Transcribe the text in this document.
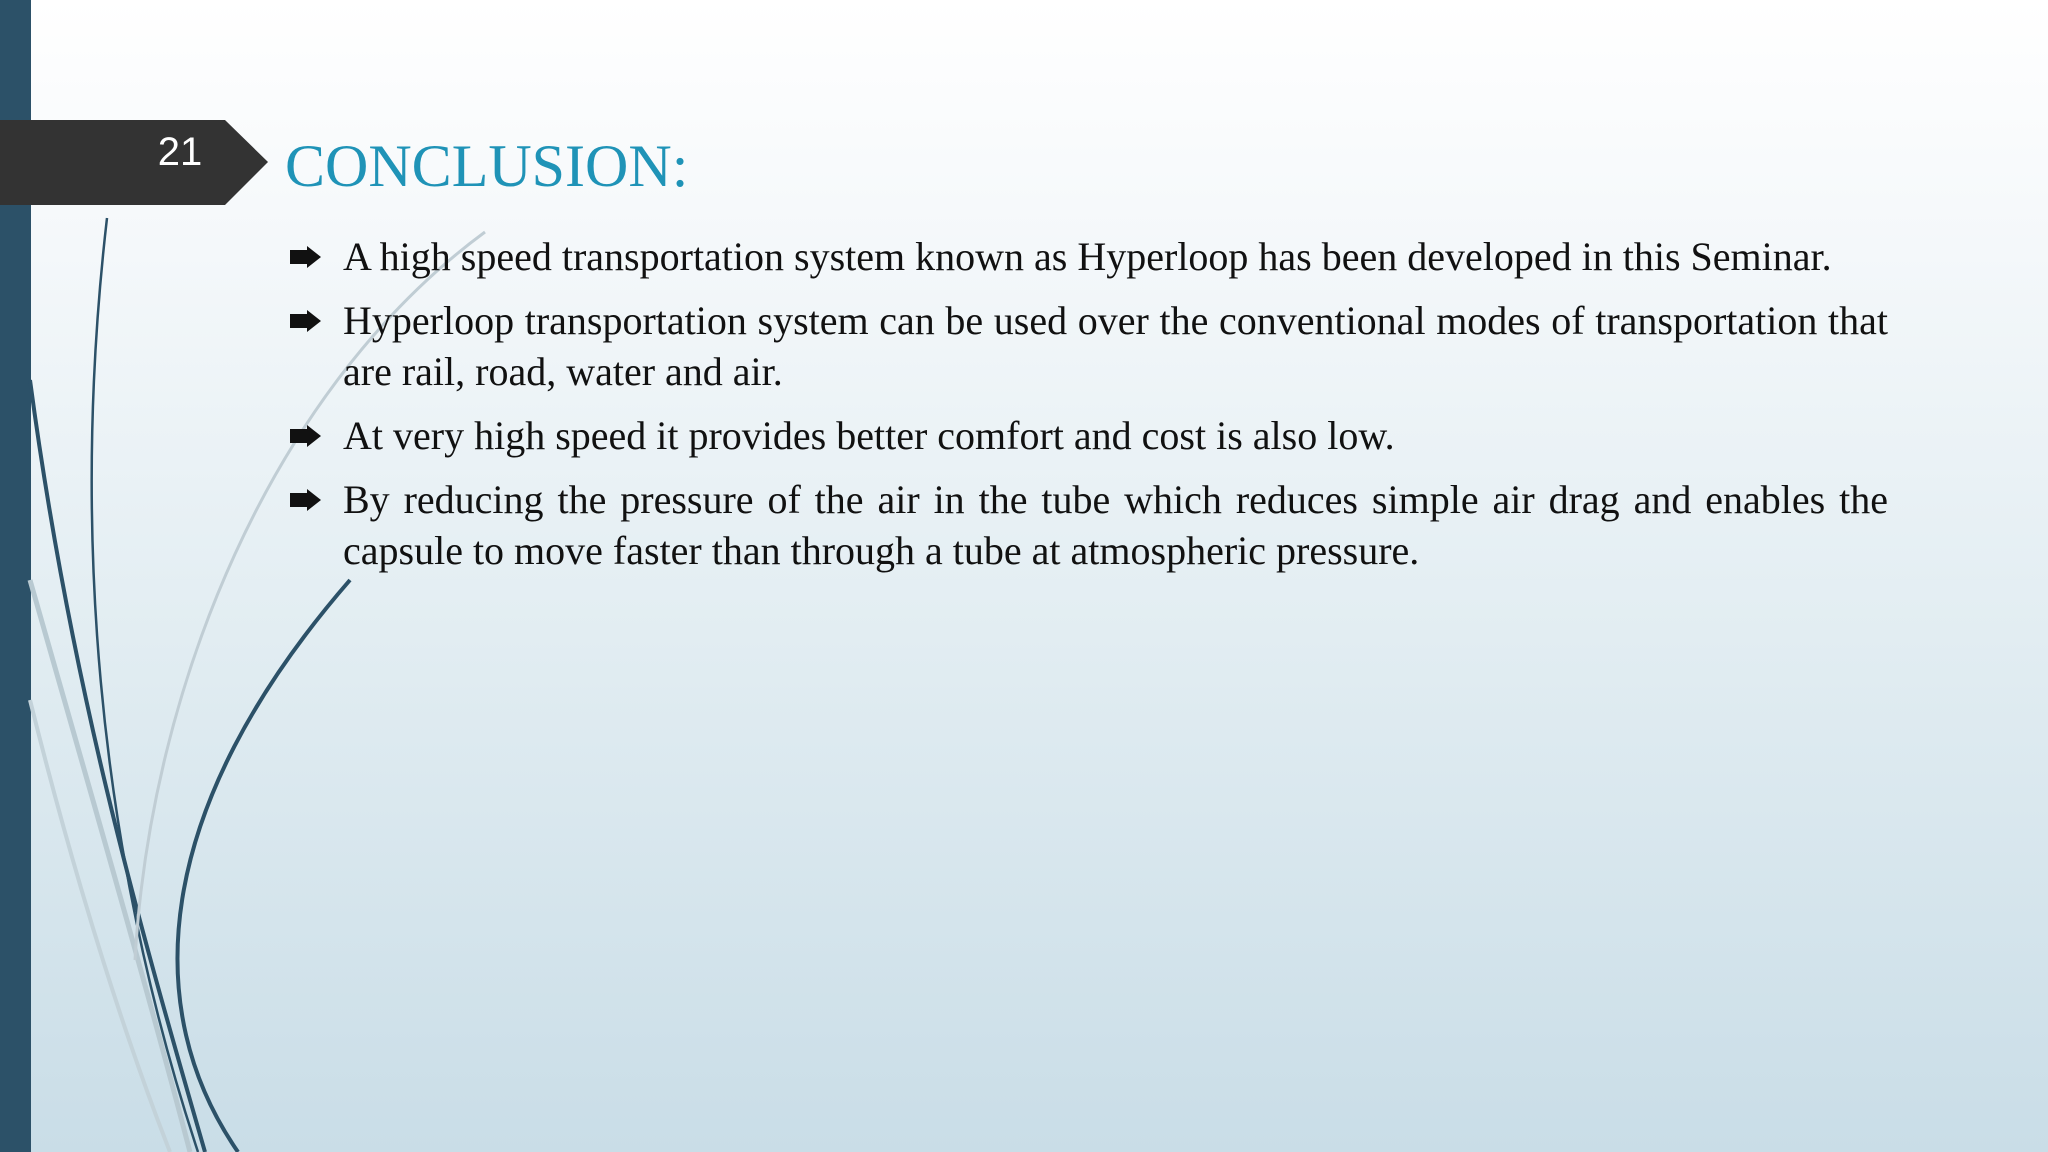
21 CONCLUSION:
A high speed transportation system known as Hyperloop has been developed in this Seminar.
Hyperloop transportation system can be used over the conventional modes of transportation that are rail, road, water and air.
At very high speed it provides better comfort and cost is also low.
By reducing the pressure of the air in the tube which reduces simple air drag and enables the capsule to move faster than through a tube at atmospheric pressure.
